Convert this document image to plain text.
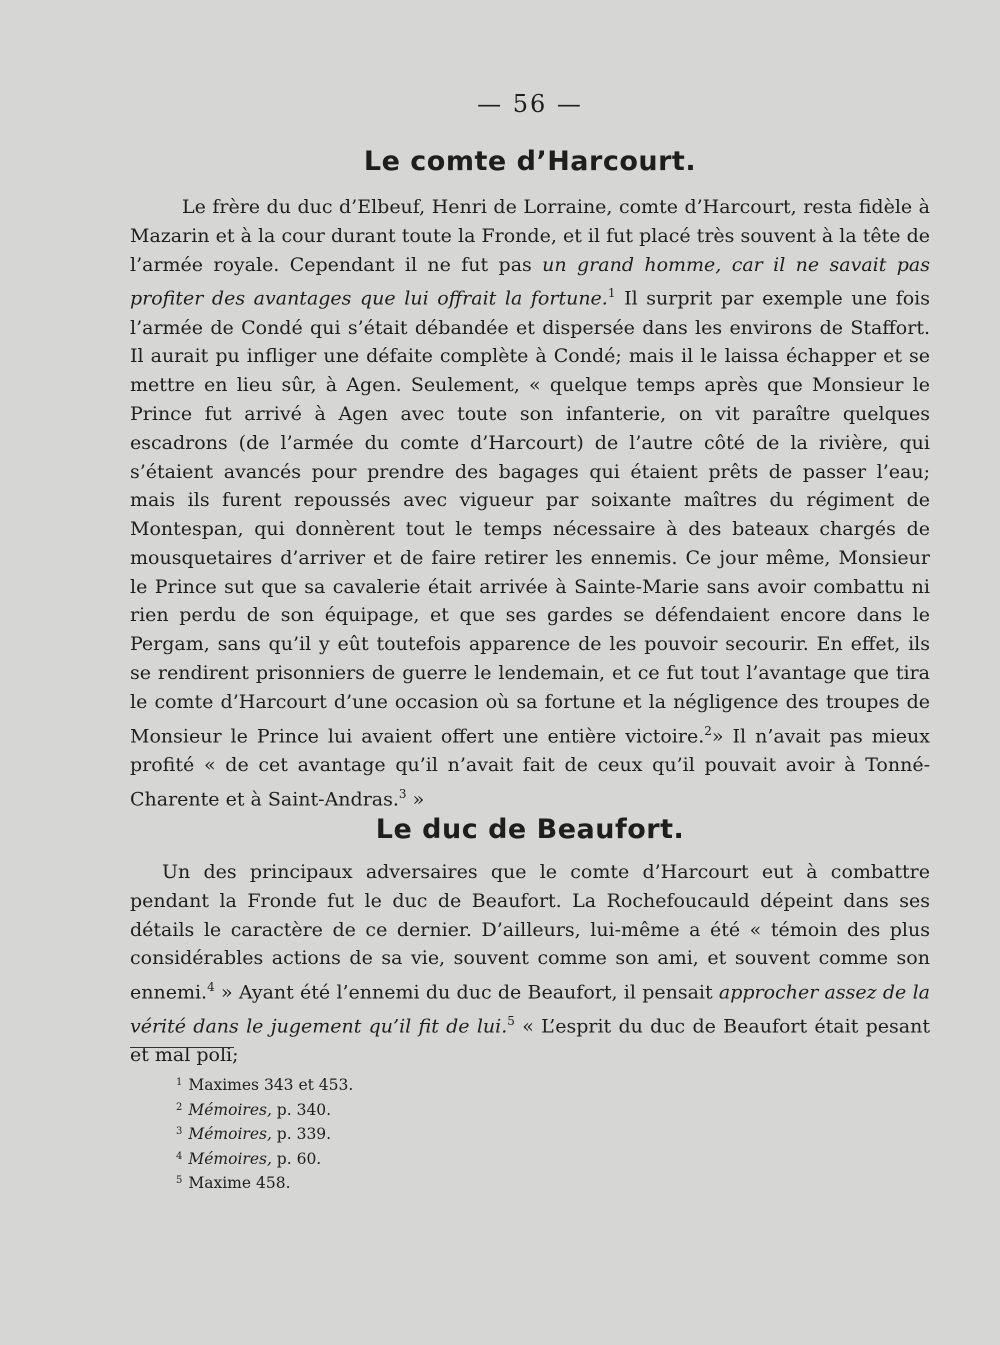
— 56 —
Le comte d’Harcourt.
Le frère du duc d’Elbeuf, Henri de Lorraine, comte d’Harcourt, resta fidèle à Mazarin et à la cour durant toute la Fronde, et il fut placé très souvent à la tête de l’armée royale. Cependant il ne fut pas un grand homme, car il ne savait pas profiter des avantages que lui offrait la fortune.$^1$ Il surprit par exemple une fois l’armée de Condé qui s’était débandée et dispersée dans les environs de Staffort. Il aurait pu infliger une défaite complète à Condé; mais il le laissa échapper et se mettre en lieu sûr, à Agen. Seulement, « quelque temps après que Monsieur le Prince fut arrivé à Agen avec toute son infanterie, on vit paraître quelques escadrons (de l’armée du comte d’Harcourt) de l’autre côté de la rivière, qui s’étaient avancés pour prendre des bagages qui étaient prêts de passer l’eau; mais ils furent repoussés avec vigueur par soixante maîtres du régiment de Montespan, qui donnèrent tout le temps nécessaire à des bateaux chargés de mousquetaires d’arriver et de faire retirer les ennemis. Ce jour même, Monsieur le Prince sut que sa cavalerie était arrivée à Sainte-Marie sans avoir combattu ni rien perdu de son équipage, et que ses gardes se défendaient encore dans le Pergam, sans qu’il y eût toutefois apparence de les pouvoir secourir. En effet, ils se rendirent prisonniers de guerre le lendemain, et ce fut tout l’avantage que tira le comte d’Harcourt d’une occasion où sa fortune et la négligence des troupes de Monsieur le Prince lui avaient offert une entière victoire.$^2$» Il n’avait pas mieux profité « de cet avantage qu’il n’avait fait de ceux qu’il pouvait avoir à Tonné-Charente et à Saint-Andras.$^3$ »
Le duc de Beaufort.
Un des principaux adversaires que le comte d’Harcourt eut à combattre pendant la Fronde fut le duc de Beaufort. La Rochefoucauld dépeint dans ses détails le caractère de ce dernier. D’ailleurs, lui-même a été « témoin des plus considérables actions de sa vie, souvent comme son ami, et souvent comme son ennemi.$^4$ » Ayant été l’ennemi du duc de Beaufort, il pensait approcher assez de la vérité dans le jugement qu’il fit de lui.$^5$ « L’esprit du duc de Beaufort était pesant et mal poli;
$^1$ Maximes 343 et 453.
$^2$ Mémoires, p. 340.
$^3$ Mémoires, p. 339.
$^4$ Mémoires, p. 60.
$^5$ Maxime 458.
